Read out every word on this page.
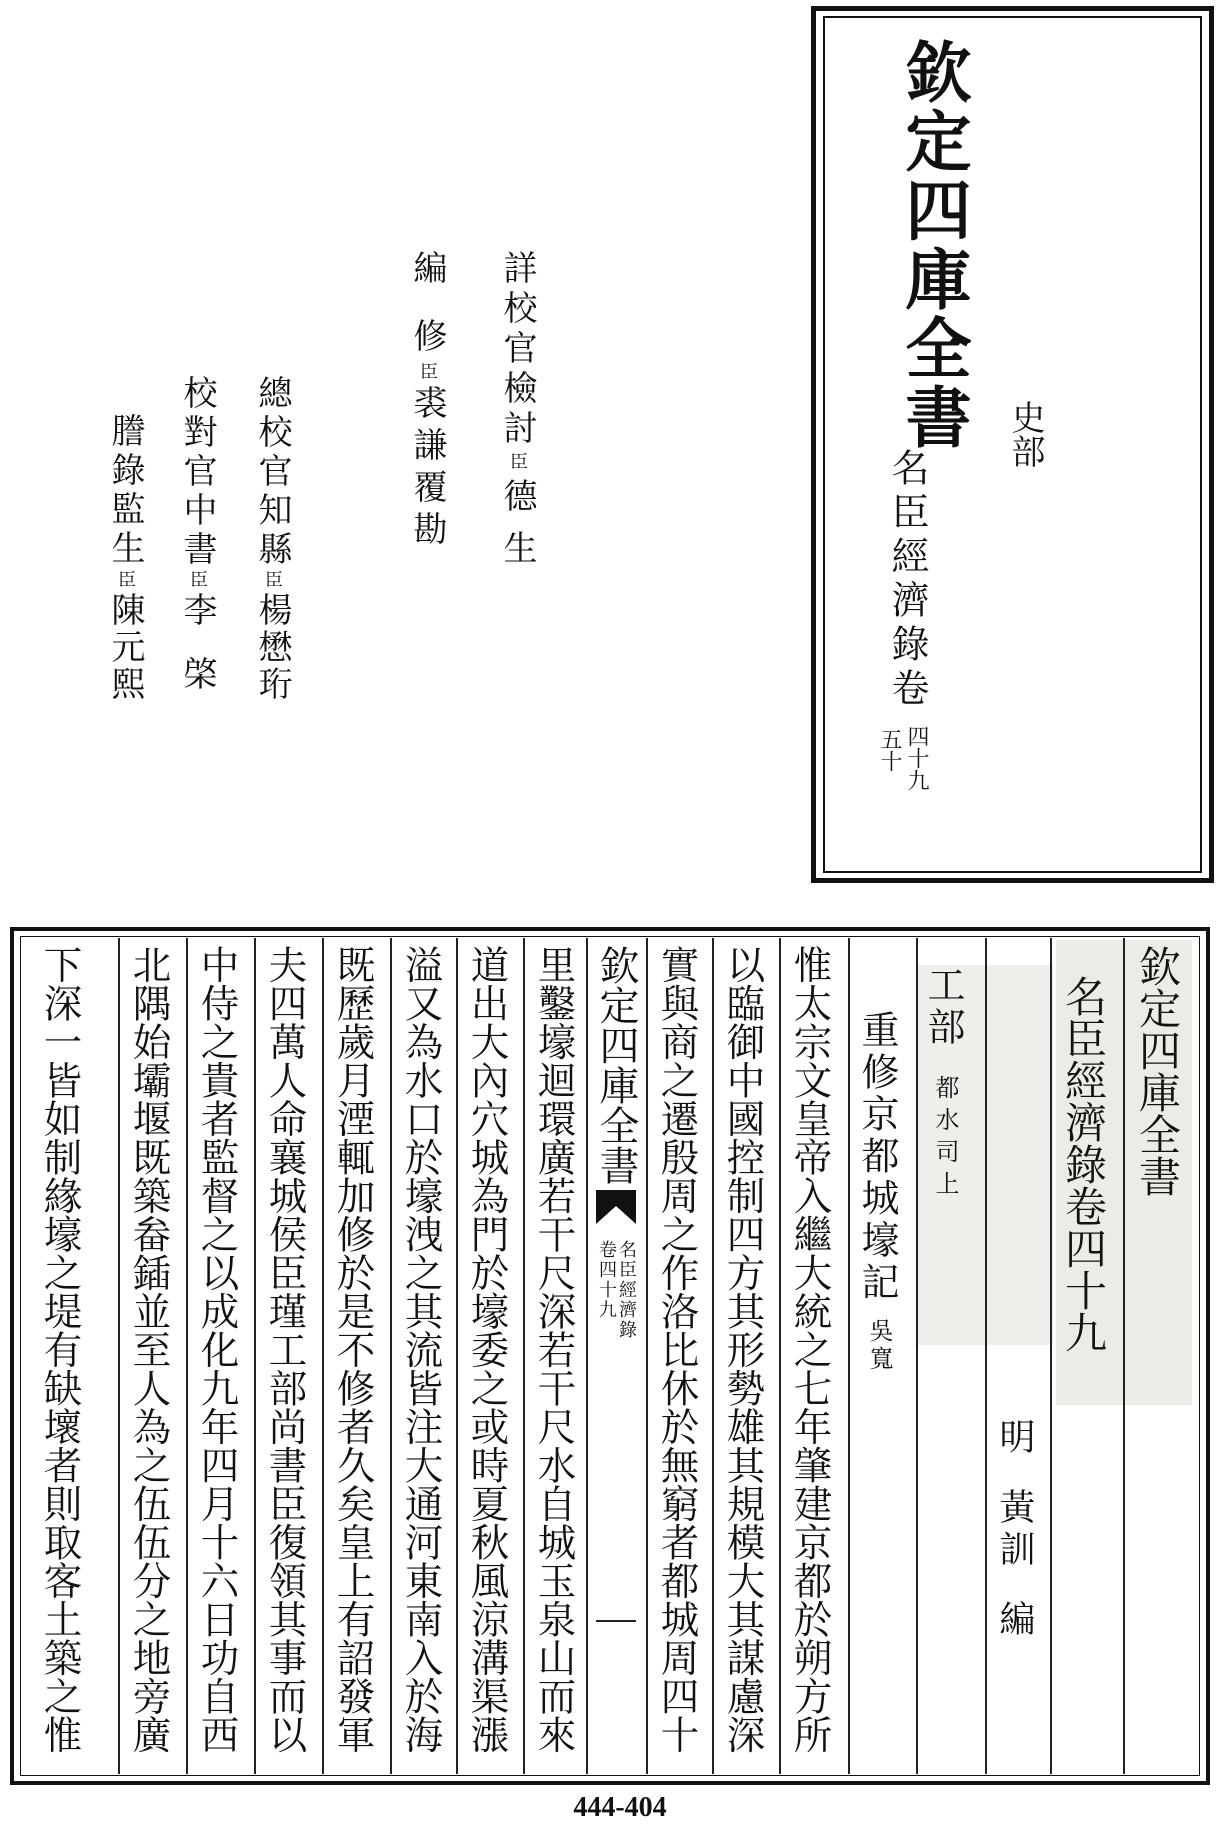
欽定四庫全書 史部
名臣經濟錄卷
四十九
五十
詳校官檢討
臣
德生
編
修
臣
裘謙覆勘
總校官知縣
臣
楊懋珩
校對官中書
臣
李棨
謄錄監生
臣
陳元熙
欽定四庫全書
名臣經濟錄卷四十九
明
黃訓
編
工部
都水司上
重修京都城壕記
吳寬
惟太宗文皇帝入繼大統之七年肇建京都於朔方所
以臨御中國控制四方其形勢雄其規模大其謀慮深
實與商之遷殷周之作洛比休於無窮者都城周四十
欽定四庫全書
名臣經濟錄
卷四十九
里鑿壕迴環廣若干尺深若干尺水自城玉泉山而來
道出大內穴城為門於壕委之或時夏秋風涼溝渠漲
溢又為水口於壕洩之其流皆注大通河東南入於海
既歷歲月湮輒加修於是不修者久矣皇上有詔發軍
夫四萬人命襄城侯臣瑾工部尚書臣復領其事而以
中侍之貴者監督之以成化九年四月十六日功自西
北隅始壩堰既築畚鍤並至人為之伍伍分之地旁廣
下深一皆如制緣壕之堤有缺壞者則取客土築之惟
444-404
